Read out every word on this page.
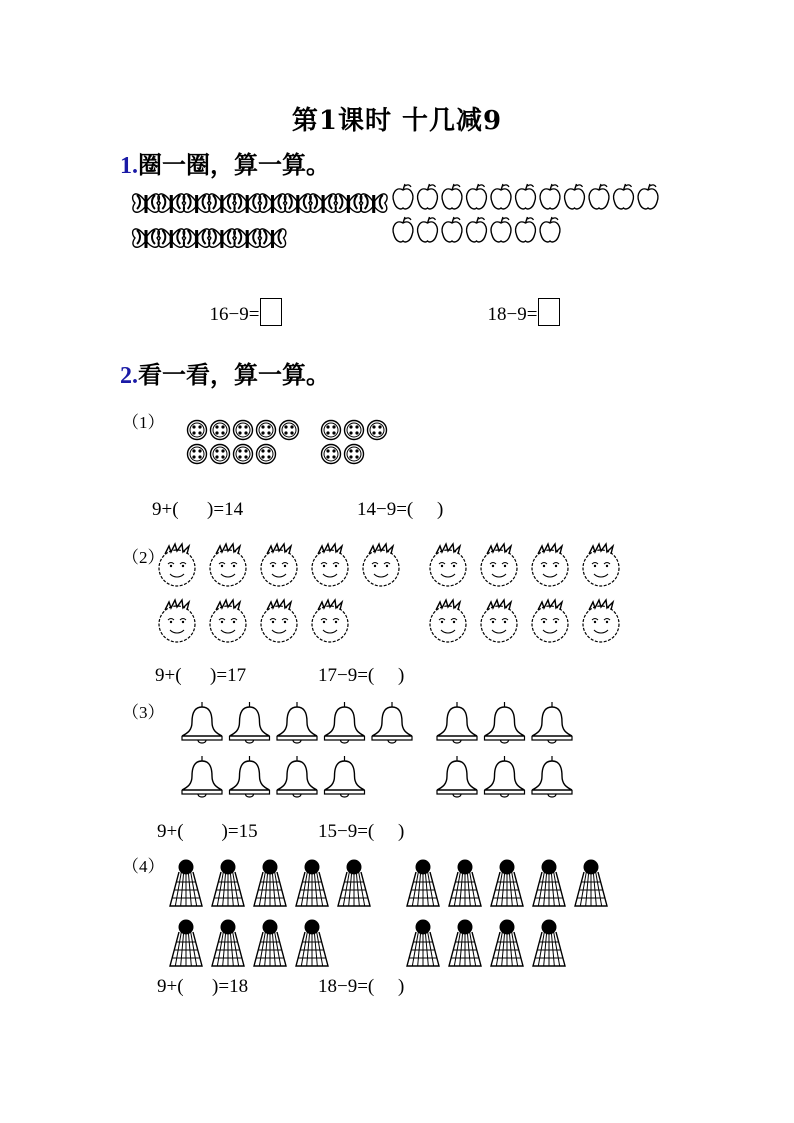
第1课时 十几减9
1.圈一圈，算一算。

16−9=	18−9=

2.看一看，算一算。
（1）
（2）
（3）
（4）
9+(      )=14	14−9=(     )
9+(      )=17	17−9=(     )
9+(        )=15	15−9=(     )
9+(      )=18	18−9=(     )
